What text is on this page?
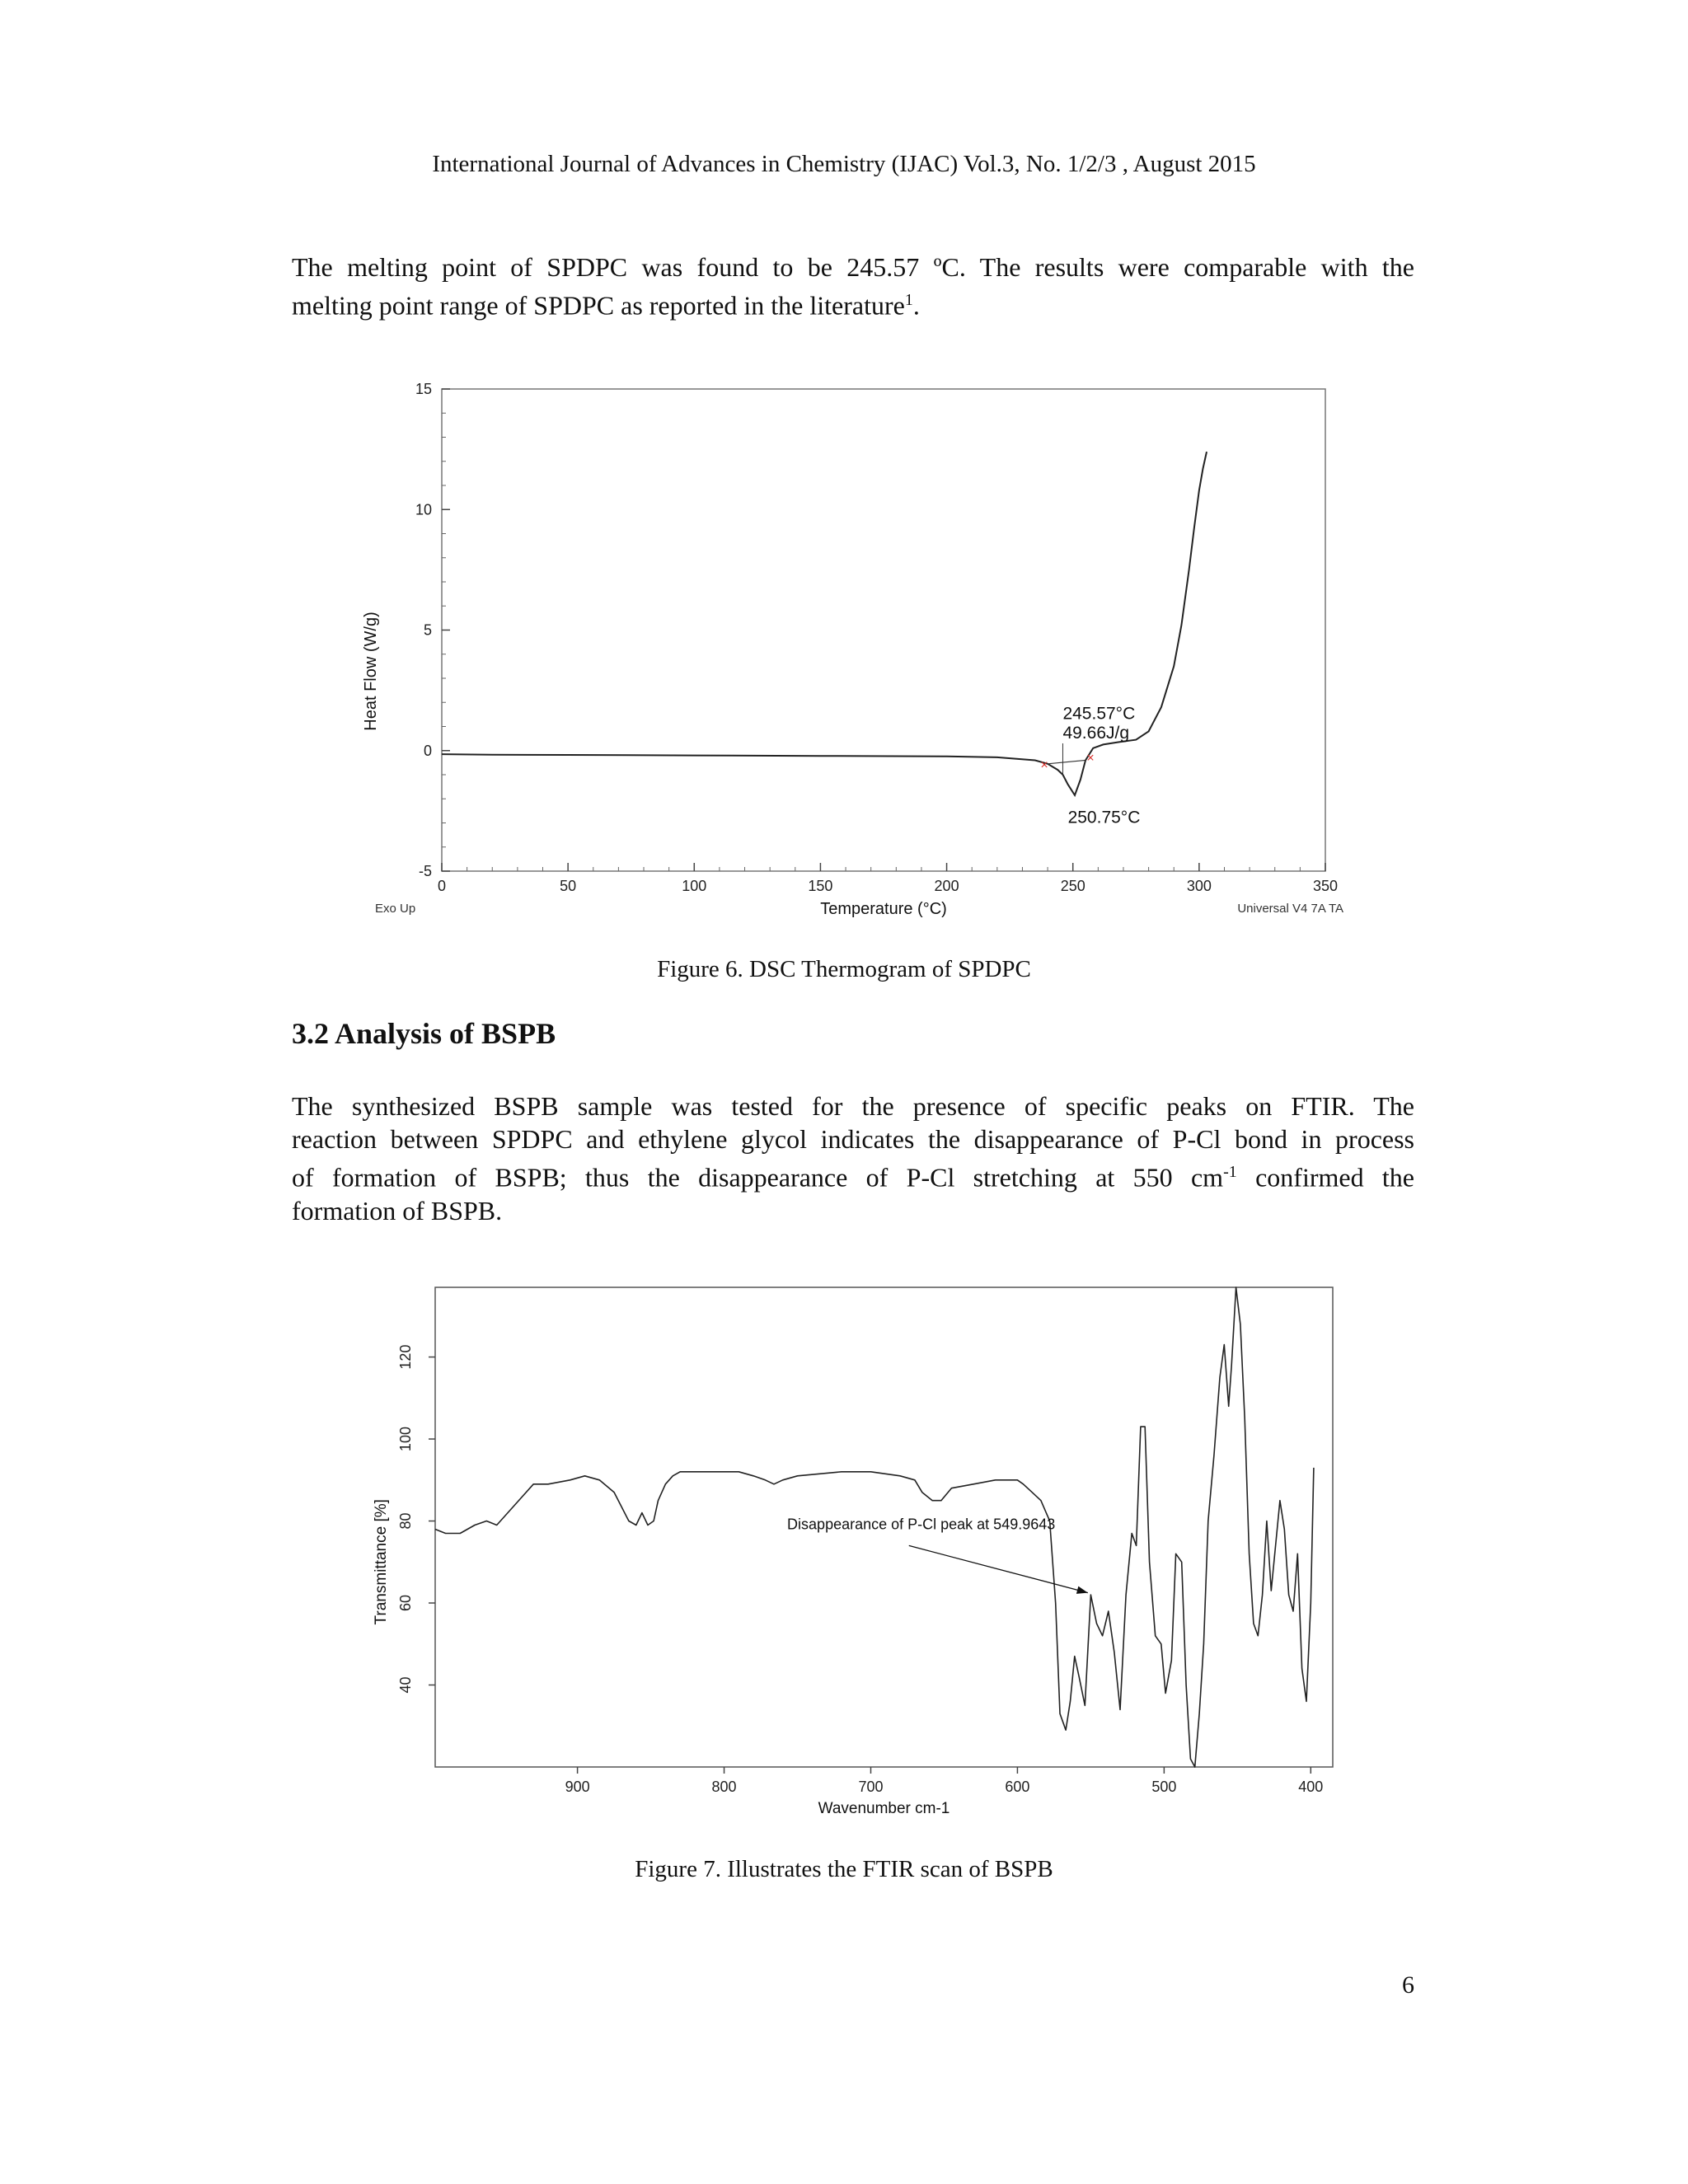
International Journal of Advances in Chemistry (IJAC) Vol.3, No. 1/2/3 , August 2015
The melting point of SPDPC was found to be 245.57 ºC. The results were comparable with the
melting point range of SPDPC as reported in the literature$^1$.
0	50	100	150	200	250	300	350
-5
0
5
10
15
Temperature (°C)
Heat Flow (W/g)
Exo Up	Universal V4 7A TA
×	×
245.57°C
49.66J/g
250.75°C
Figure 6. DSC Thermogram of SPDPC
3.2 Analysis of BSPB
The synthesized BSPB sample was tested for the presence of specific peaks on FTIR. The
reaction between SPDPC and ethylene glycol indicates the disappearance of P-Cl bond in process
of formation of BSPB; thus the disappearance of P-Cl stretching at 550 $cm^{-1}$ confirmed the
formation of BSPB.
900	800	700	600	500	400
40
60
80
100
120
Wavenumber cm-1
Transmittance [%]	Disappearance of P-Cl peak at 549.9643
Figure 7. Illustrates the FTIR scan of BSPB
6
